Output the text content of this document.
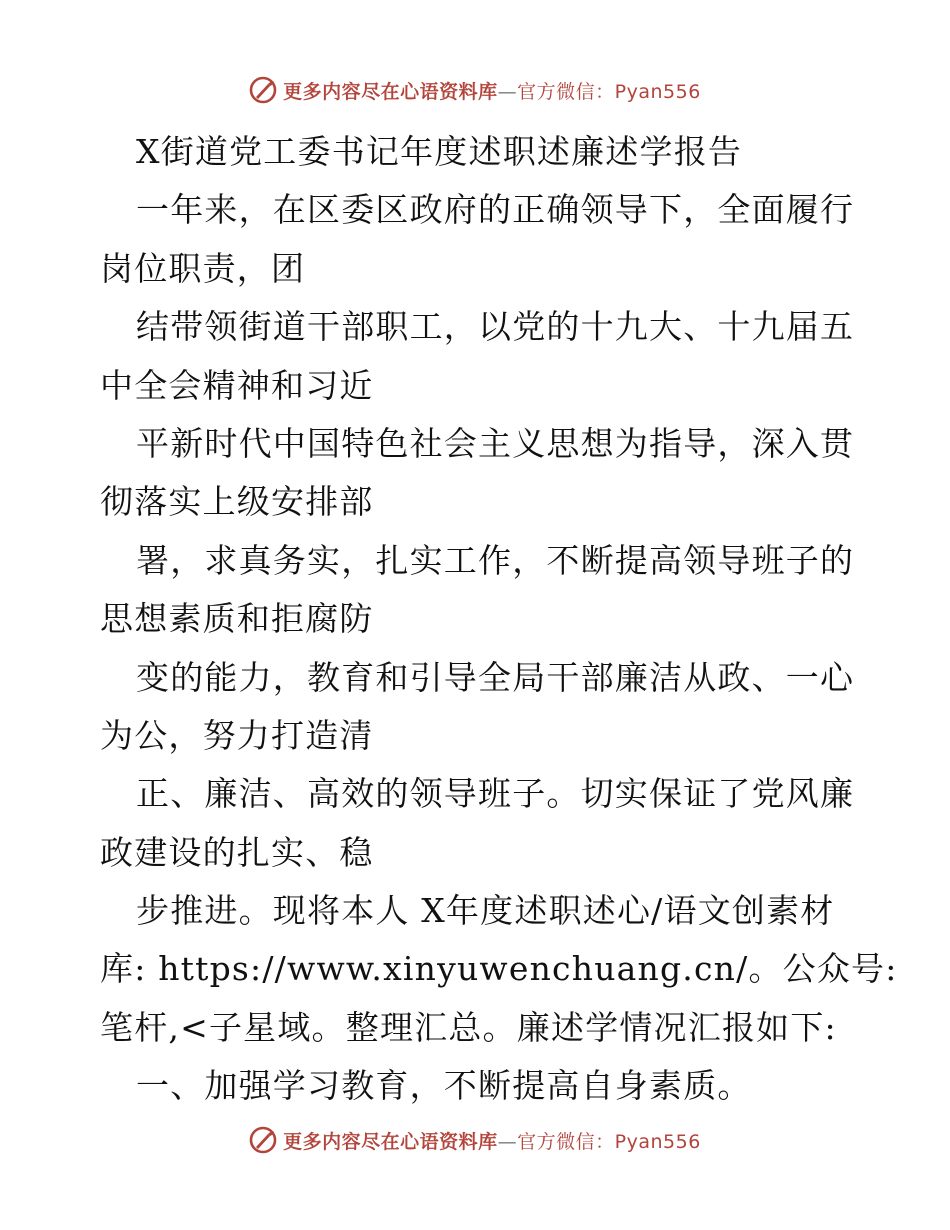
更多内容尽在心语资料库—官方微信：Pyan556
X街道党工委书记年度述职述廉述学报告
一年来，在区委区政府的正确领导下，全面履行
岗位职责，团
结带领街道干部职工，以党的十九大、十九届五
中全会精神和习近
平新时代中国特色社会主义思想为指导，深入贯
彻落实上级安排部
署，求真务实，扎实工作，不断提高领导班子的
思想素质和拒腐防
变的能力，教育和引导全局干部廉洁从政、一心
为公，努力打造清
正、廉洁、高效的领导班子。切实保证了党风廉
政建设的扎实、稳
步推进。现将本人 X年度述职述心/语文创素材
库: https://www.xinyuwenchuang.cn/。公众号:
笔杆,<子星域。整理汇总。廉述学情况汇报如下:
一、加强学习教育，不断提高自身素质。
更多内容尽在心语资料库—官方微信：Pyan556
